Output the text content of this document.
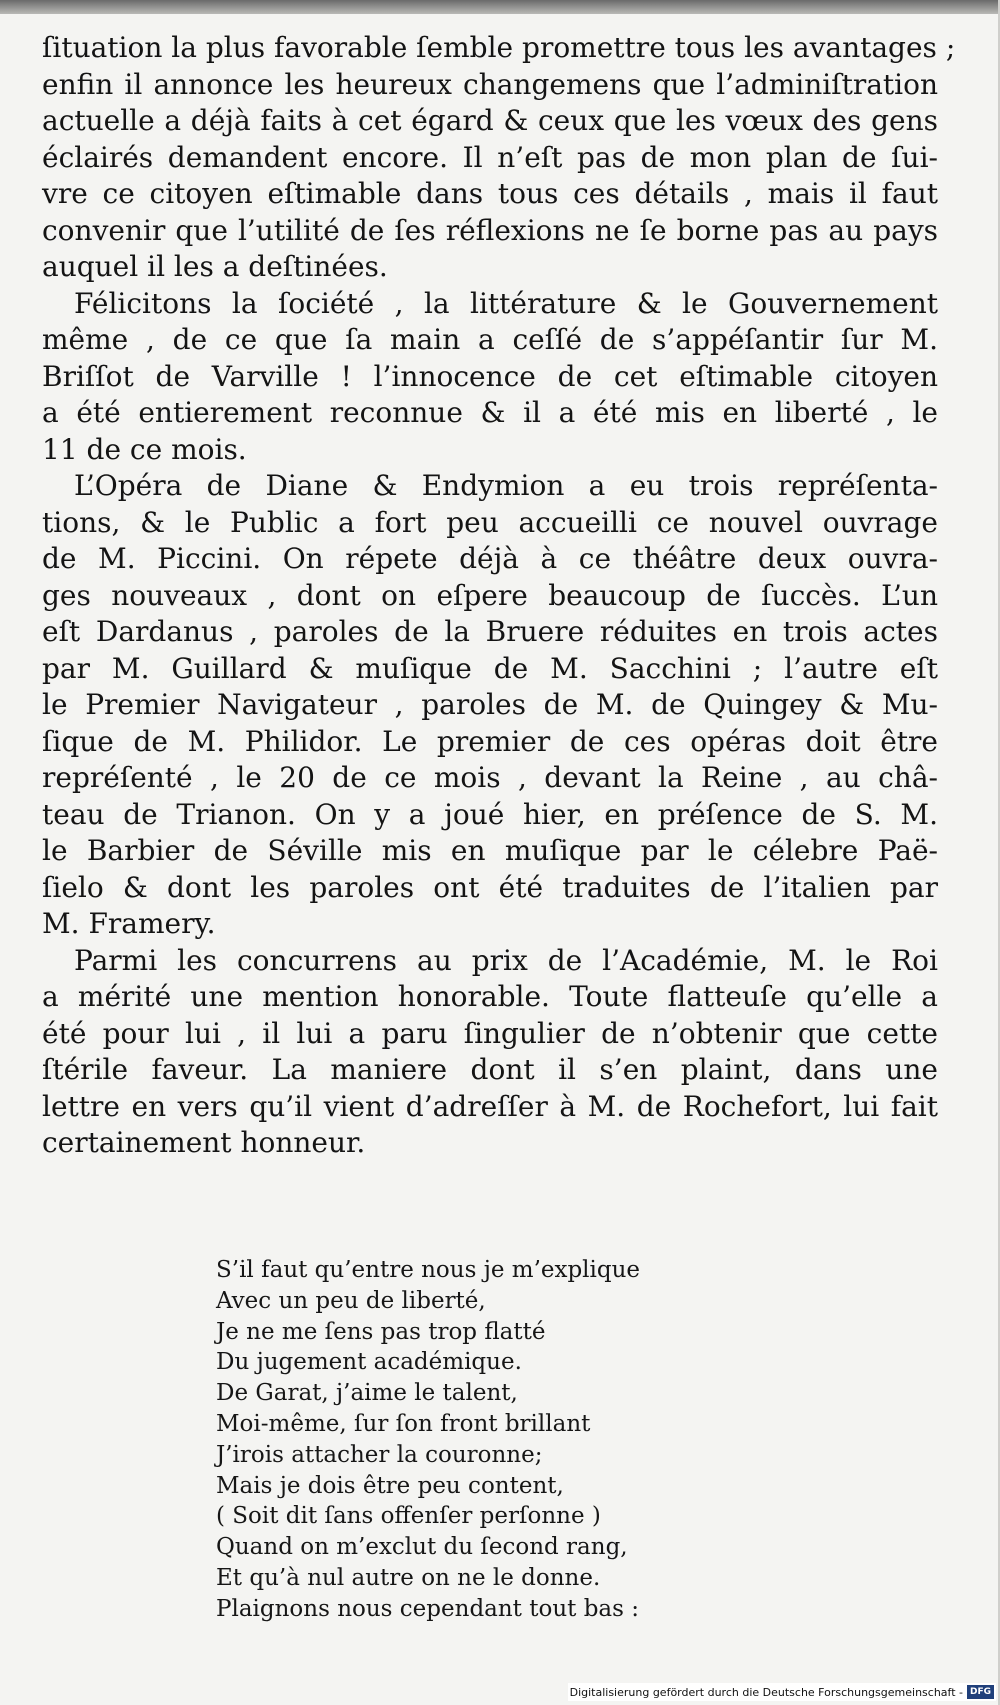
ſituation la plus favorable ſemble promettre tous les avantages ;
enfin il annonce les heureux changemens que l’adminiſtration
actuelle a déjà faits à cet égard & ceux que les vœux des gens
éclairés demandent encore. Il n’eſt pas de mon plan de ſui-
vre ce citoyen eſtimable dans tous ces détails , mais il faut
convenir que l’utilité de ſes réflexions ne ſe borne pas au pays
auquel il les a deſtinées.
Félicitons la ſociété , la littérature & le Gouvernement
même , de ce que ſa main a ceſſé de s’appéſantir ſur M.
Briſſot de Varville ! l’innocence de cet eſtimable citoyen
a été entierement reconnue & il a été mis en liberté , le
11 de ce mois.
L’Opéra de Diane & Endymion a eu trois repréſenta-
tions, & le Public a fort peu accueilli ce nouvel ouvrage
de M. Piccini. On répete déjà à ce théâtre deux ouvra-
ges nouveaux , dont on eſpere beaucoup de ſuccès. L’un
eſt Dardanus , paroles de la Bruere réduites en trois actes
par M. Guillard & muſique de M. Sacchini ; l’autre eſt
le Premier Navigateur , paroles de M. de Quingey & Mu-
ſique de M. Philidor. Le premier de ces opéras doit être
repréſenté , le 20 de ce mois , devant la Reine , au châ-
teau de Trianon. On y a joué hier, en préſence de S. M.
le Barbier de Séville mis en muſique par le célebre Paë-
ſielo & dont les paroles ont été traduites de l’italien par
M. Framery.
Parmi les concurrens au prix de l’Académie, M. le Roi
a mérité une mention honorable. Toute flatteuſe qu’elle a
été pour lui , il lui a paru ſingulier de n’obtenir que cette
ſtérile faveur. La maniere dont il s’en plaint, dans une
lettre en vers qu’il vient d’adreſſer à M. de Rochefort, lui fait
certainement honneur.
S’il faut qu’entre nous je m’explique
Avec un peu de liberté,
Je ne me ſens pas trop flatté
Du jugement académique.
De Garat, j’aime le talent,
Moi-même, ſur ſon front brillant
J’irois attacher la couronne;
Mais je dois être peu content,
( Soit dit ſans offenſer perſonne )
Quand on m’exclut du ſecond rang,
Et qu’à nul autre on ne le donne.
Plaignons nous cependant tout bas :
Digitalisierung gefördert durch die Deutsche Forschungsgemeinschaft - DFG
